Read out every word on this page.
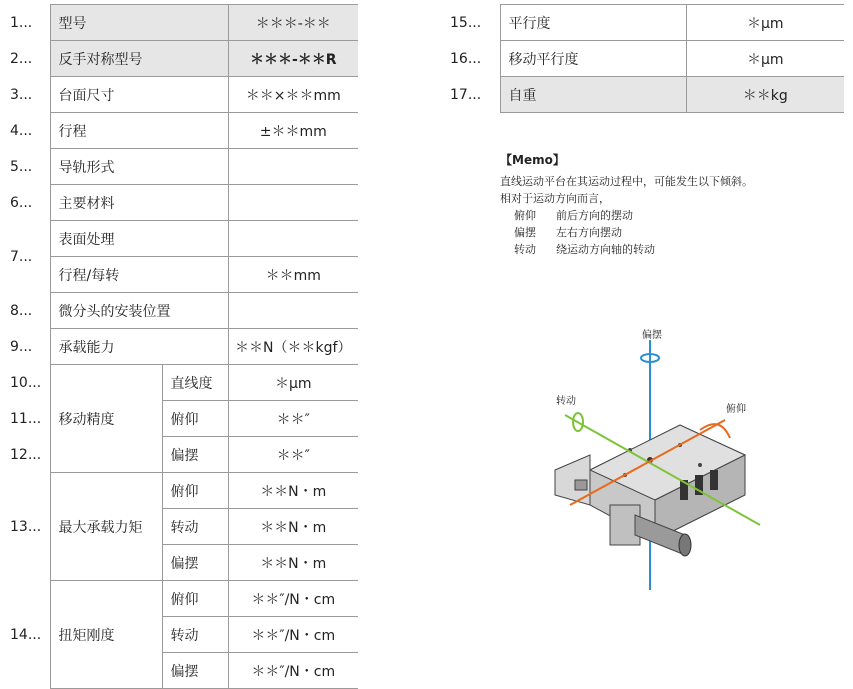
1...	型号		＊＊＊-＊＊
2...	反手对称型号		＊＊＊-＊＊R
3...	台面尺寸		＊＊×＊＊mm
4...	行程		±＊＊mm
5...	导轨形式		
6...	主要材料		
7...	表面处理		
	行程/每转		＊＊mm
8...	微分头的安装位置		
9...	承载能力		＊＊N（＊＊kgf）
10...	移动精度	直线度	＊μm
11...		俯仰	＊＊″
12...		偏摆	＊＊″
13...	最大承载力矩	俯仰	＊＊N・m
		转动	＊＊N・m
		偏摆	＊＊N・m
14...	扭矩刚度	俯仰	＊＊″/N・cm
		转动	＊＊″/N・cm
		偏摆	＊＊″/N・cm
15...	平行度	＊μm
16...	移动平行度	＊μm
17...	自重	＊＊kg
【Memo】
直线运动平台在其运动过程中，可能发生以下倾斜。
相对于运动方向而言，
俯仰	前后方向的摆动
偏摆	左右方向摆动
转动	绕运动方向轴的转动
偏摆
转动
俯仰
